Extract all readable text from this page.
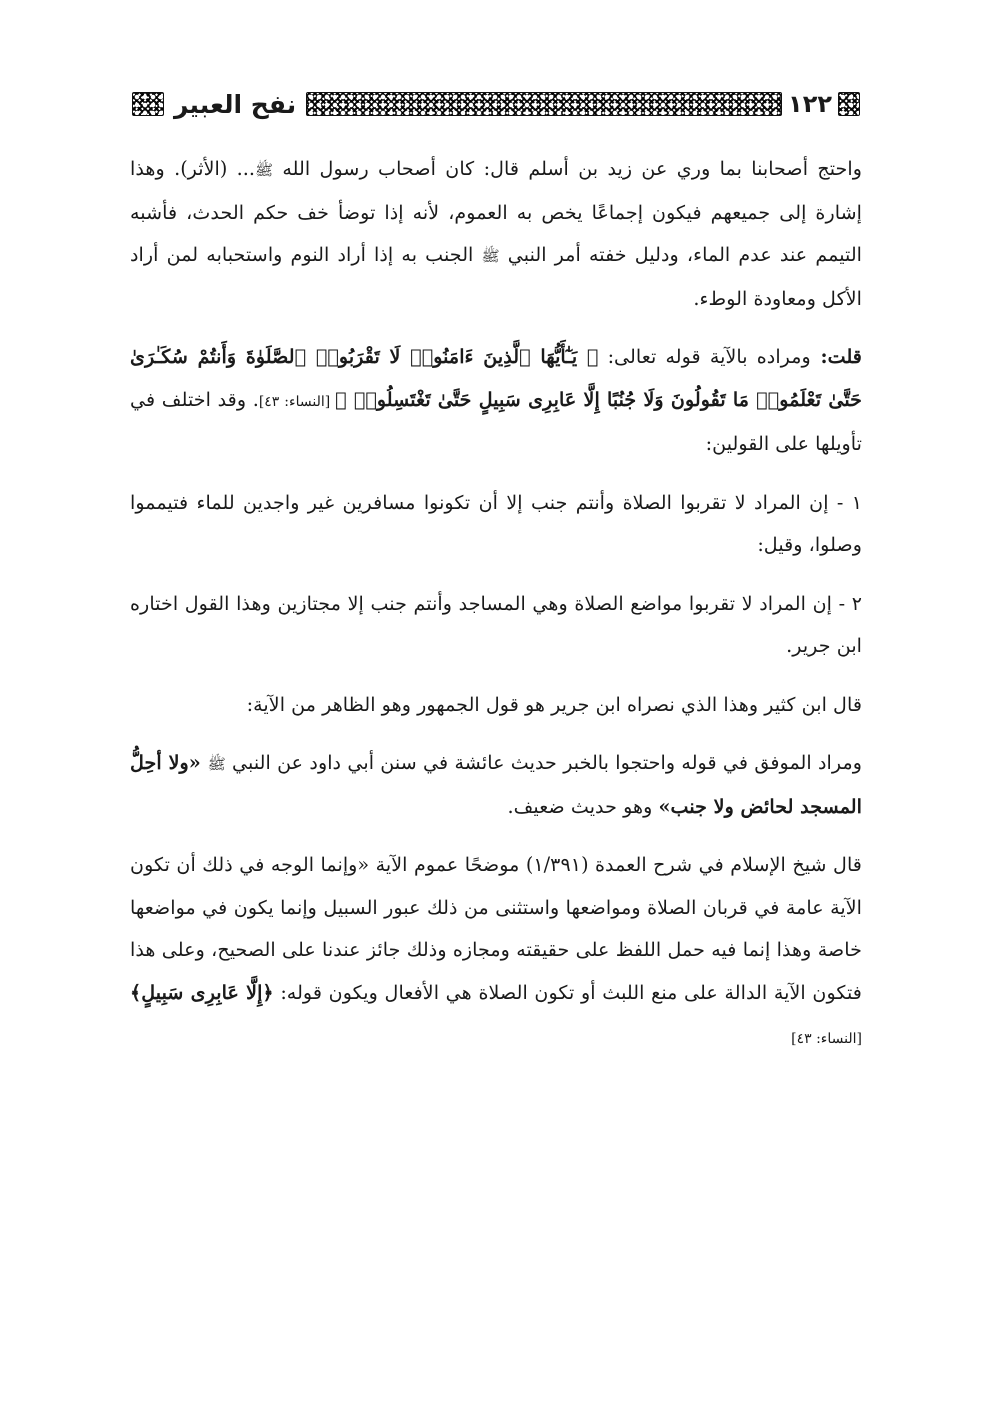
١٢٢
نفح العبير

واحتج أصحابنا بما وري عن زيد بن أسلم قال: كان أصحاب رسول الله ﷺ... (الأثر). وهذا إشارة إلى جميعهم فيكون إجماعًا يخص به العموم، لأنه إذا توضأ خف حكم الحدث، فأشبه التيمم عند عدم الماء، ودليل خفته أمر النبي ﷺ الجنب به إذا أراد النوم واستحبابه لمن أراد الأكل ومعاودة الوطء.

قلت: ومراده بالآية قوله تعالى: ﴿ يَـٰٓأَيُّهَا ٱلَّذِينَ ءَامَنُوا۟ لَا تَقْرَبُوا۟ ٱلصَّلَوٰةَ وَأَنتُمْ سُكَـٰرَىٰ حَتَّىٰ تَعْلَمُوا۟ مَا تَقُولُونَ وَلَا جُنُبًا إِلَّا عَابِرِى سَبِيلٍ حَتَّىٰ تَغْتَسِلُوا۟ ﴾ [النساء: ٤٣]. وقد اختلف في تأويلها على القولين:

١ - إن المراد لا تقربوا الصلاة وأنتم جنب إلا أن تكونوا مسافرين غير واجدين للماء فتيمموا وصلوا، وقيل:

٢ - إن المراد لا تقربوا مواضع الصلاة وهي المساجد وأنتم جنب إلا مجتازين وهذا القول اختاره ابن جرير.

قال ابن كثير وهذا الذي نصراه ابن جرير هو قول الجمهور وهو الظاهر من الآية:

ومراد الموفق في قوله واحتجوا بالخبر حديث عائشة في سنن أبي داود عن النبي ﷺ «ولا أحِلُّ المسجد لحائض ولا جنب» وهو حديث ضعيف.

قال شيخ الإسلام في شرح العمدة (١/٣٩١) موضحًا عموم الآية «وإنما الوجه في ذلك أن تكون الآية عامة في قربان الصلاة ومواضعها واستثنى من ذلك عبور السبيل وإنما يكون في مواضعها خاصة وهذا إنما فيه حمل اللفظ على حقيقته ومجازه وذلك جائز عندنا على الصحيح، وعلى هذا فتكون الآية الدالة على منع اللبث أو تكون الصلاة هي الأفعال ويكون قوله: ﴿إِلَّا عَابِرِى سَبِيلٍ﴾ [النساء: ٤٣]
